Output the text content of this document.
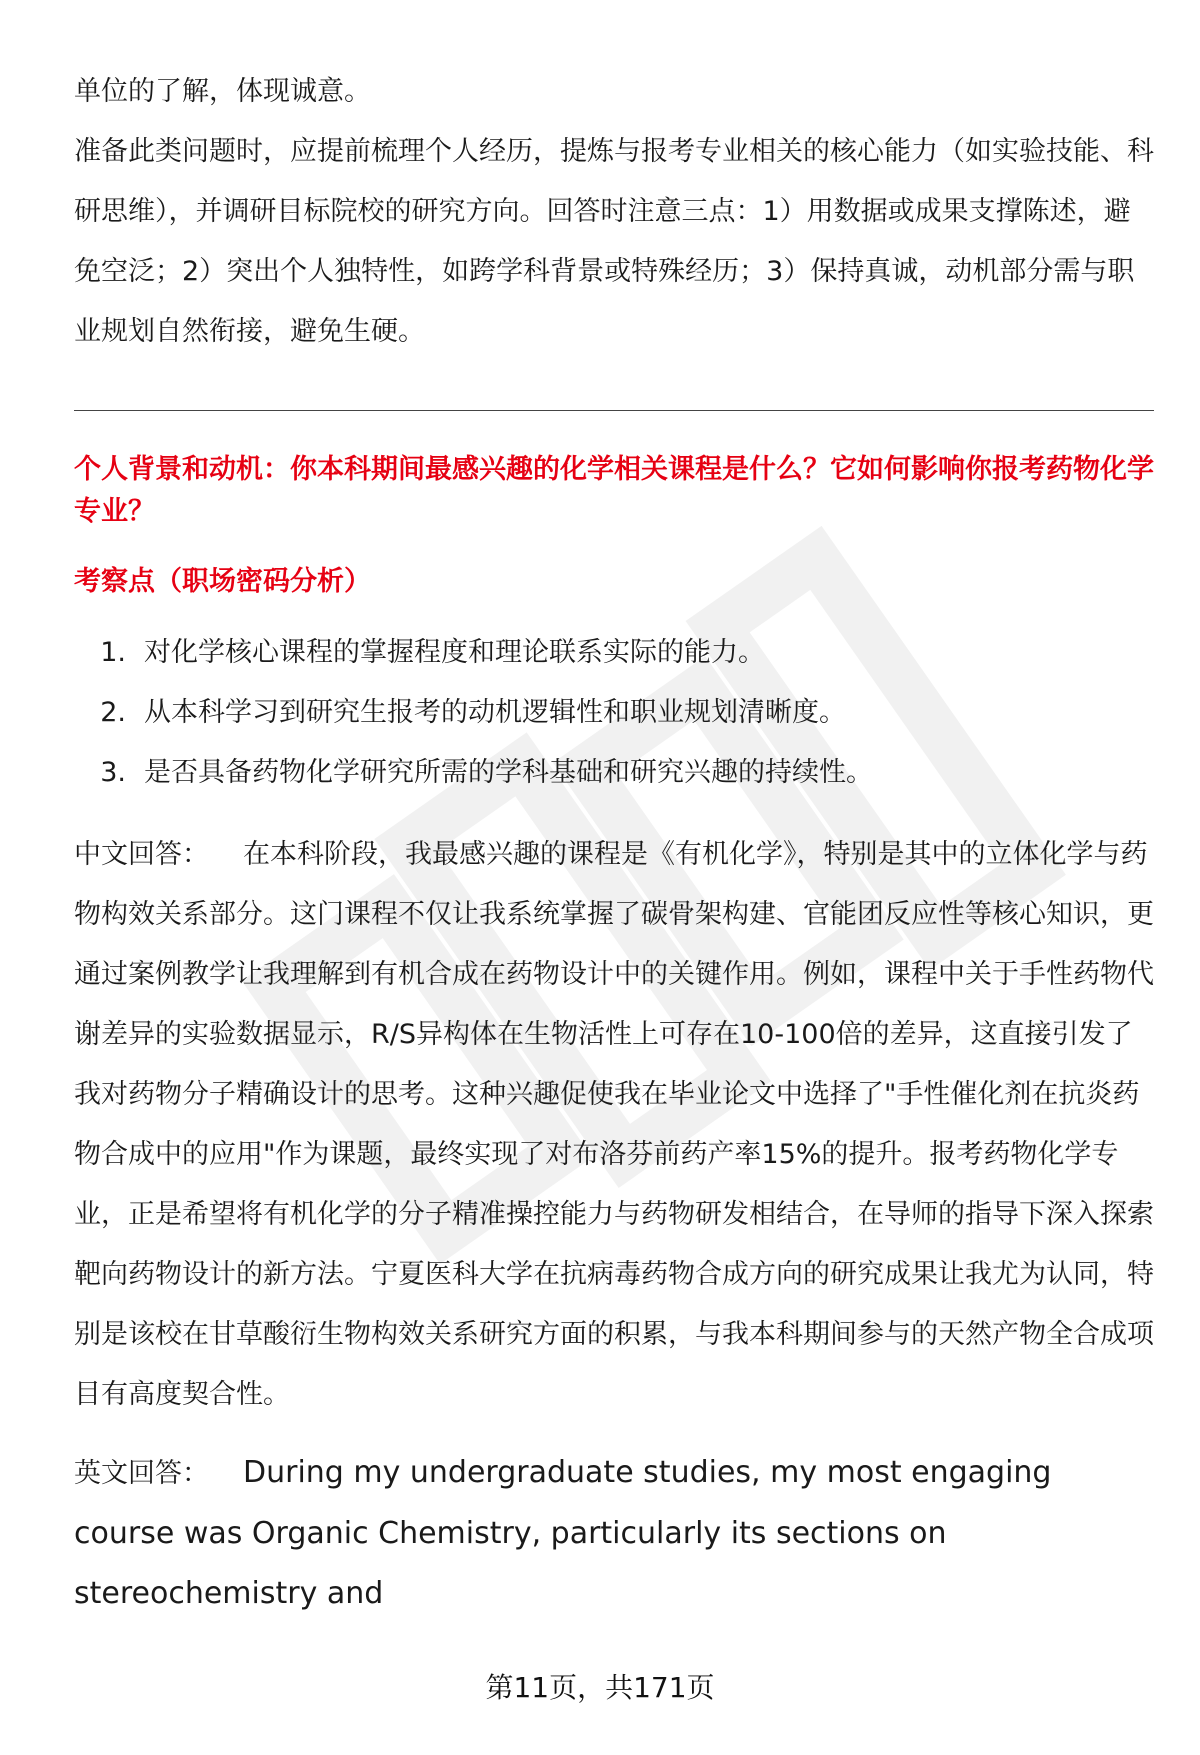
单位的了解，体现诚意。

准备此类问题时，应提前梳理个人经历，提炼与报考专业相关的核心能力（如实验技能、科研思维），并调研目标院校的研究方向。回答时注意三点：1）用数据或成果支撑陈述，避免空泛；2）突出个人独特性，如跨学科背景或特殊经历；3）保持真诚，动机部分需与职业规划自然衔接，避免生硬。

个人背景和动机：你本科期间最感兴趣的化学相关课程是什么？它如何影响你报考药物化学专业？

考察点（职场密码分析）

1. 对化学核心课程的掌握程度和理论联系实际的能力。
2. 从本科学习到研究生报考的动机逻辑性和职业规划清晰度。
3. 是否具备药物化学研究所需的学科基础和研究兴趣的持续性。

中文回答： 在本科阶段，我最感兴趣的课程是《有机化学》，特别是其中的立体化学与药物构效关系部分。这门课程不仅让我系统掌握了碳骨架构建、官能团反应性等核心知识，更通过案例教学让我理解到有机合成在药物设计中的关键作用。例如，课程中关于手性药物代谢差异的实验数据显示，R/S异构体在生物活性上可存在10-100倍的差异，这直接引发了我对药物分子精确设计的思考。这种兴趣促使我在毕业论文中选择了"手性催化剂在抗炎药物合成中的应用"作为课题，最终实现了对布洛芬前药产率15%的提升。报考药物化学专业，正是希望将有机化学的分子精准操控能力与药物研发相结合，在导师的指导下深入探索靶向药物设计的新方法。宁夏医科大学在抗病毒药物合成方向的研究成果让我尤为认同，特别是该校在甘草酸衍生物构效关系研究方面的积累，与我本科期间参与的天然产物全合成项目有高度契合性。

英文回答： During my undergraduate studies, my most engaging course was Organic Chemistry, particularly its sections on stereochemistry and

第11页，共171页
